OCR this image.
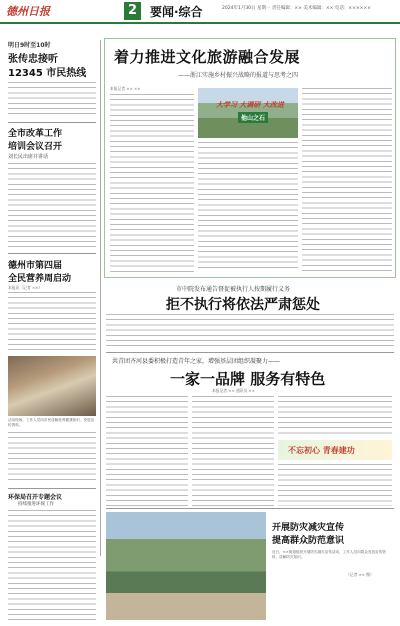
德州日报	2	要闻·综合	2024年1月30日 星期一 责任编辑：×× 美术编辑：×× 电话：××××××
明日9时至10时
张传忠接听
12345 市民热线

全市改革工作
培训会议召开
刘长民出席并讲话
德州市第四届
全民营养周启动
本报讯（记者 ××）
活动现场，工作人员向市民讲解营养健康知识，发放宣传资料。
环保局召开专题会议
持续推进环保工作
着力推进文化旅游融合发展
——浙江实施乡村振兴战略的报道与思考之四
本报记者 ×× ××
大学习 大调研 大改进
他山之石
市中院发布通告督促被执行人按期履行义务
拒不执行将依法严肃惩处
共青团齐河县委积极打造青年之家，增强基层团组织凝聚力——
一家一品牌 服务有特色
本报记者 ×× 通讯员 ××
不忘初心 青春建功
开展防灾减灾宣传
提高群众防范意识
近日，××街道组织开展防灾减灾宣传活动，工作人员向群众发放宣传资料，讲解防灾知识。
（记者 ×× 摄）
